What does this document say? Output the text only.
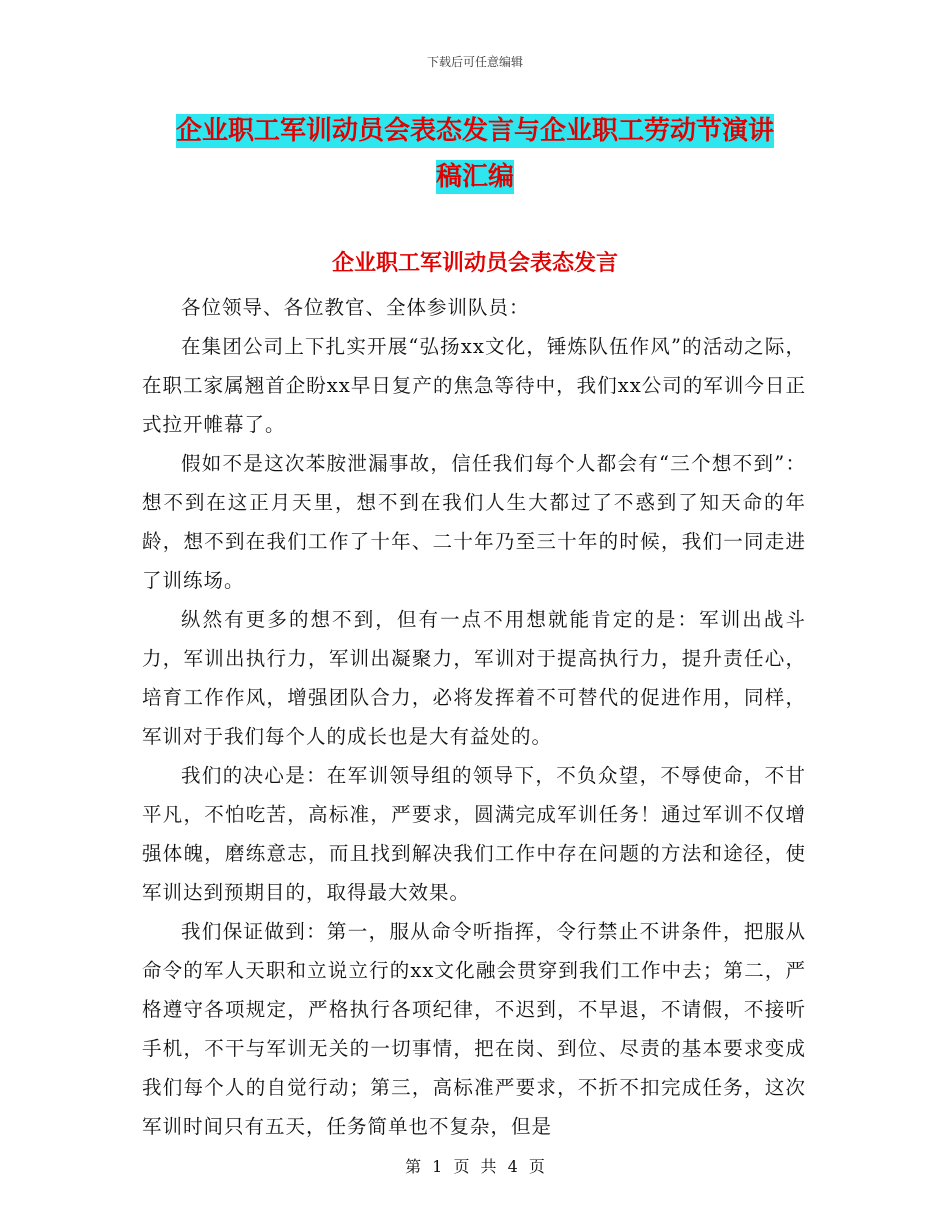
下载后可任意编辑
企业职工军训动员会表态发言与企业职工劳动节演讲
稿汇编
企业职工军训动员会表态发言

各位领导、各位教官、全体参训队员：

在集团公司上下扎实开展“弘扬xx文化，锤炼队伍作风”的活动之际，在职工家属翘首企盼xx早日复产的焦急等待中，我们xx公司的军训今日正式拉开帷幕了。

假如不是这次苯胺泄漏事故，信任我们每个人都会有“三个想不到”：想不到在这正月天里，想不到在我们人生大都过了不惑到了知天命的年龄，想不到在我们工作了十年、二十年乃至三十年的时候，我们一同走进了训练场。

纵然有更多的想不到，但有一点不用想就能肯定的是：军训出战斗力，军训出执行力，军训出凝聚力，军训对于提高执行力，提升责任心，培育工作作风，增强团队合力，必将发挥着不可替代的促进作用，同样，军训对于我们每个人的成长也是大有益处的。

我们的决心是：在军训领导组的领导下，不负众望，不辱使命，不甘平凡，不怕吃苦，高标准，严要求，圆满完成军训任务！通过军训不仅增强体魄，磨练意志，而且找到解决我们工作中存在问题的方法和途径，使军训达到预期目的，取得最大效果。

我们保证做到：第一，服从命令听指挥，令行禁止不讲条件，把服从命令的军人天职和立说立行的xx文化融会贯穿到我们工作中去；第二，严格遵守各项规定，严格执行各项纪律，不迟到，不早退，不请假，不接听手机，不干与军训无关的一切事情，把在岗、到位、尽责的基本要求变成我们每个人的自觉行动；第三，高标准严要求，不折不扣完成任务，这次军训时间只有五天，任务简单也不复杂，但是

第 1 页 共 4 页
